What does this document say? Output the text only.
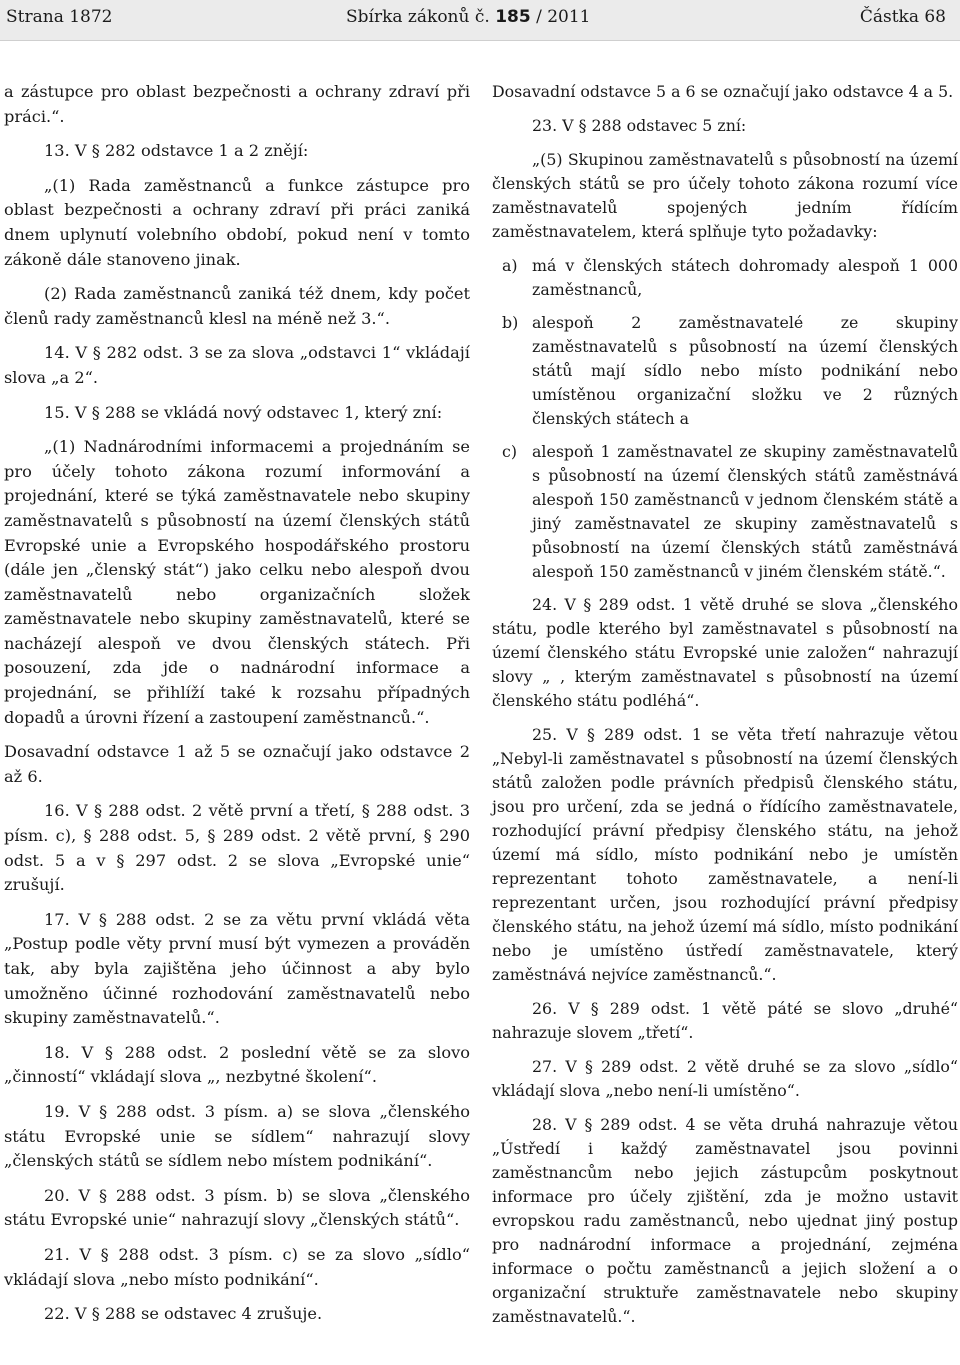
Strana 1872	Sbírka zákonů č. 185 / 2011	Částka 68

a zástupce pro oblast bezpečnosti a ochrany zdraví při práci.“.

13. V § 282 odstavce 1 a 2 znějí:

„(1) Rada zaměstnanců a funkce zástupce pro oblast bezpečnosti a ochrany zdraví při práci zaniká dnem uplynutí volebního období, pokud není v tomto zákoně dále stanoveno jinak.

(2) Rada zaměstnanců zaniká též dnem, kdy počet členů rady zaměstnanců klesl na méně než 3.“.

14. V § 282 odst. 3 se za slova „odstavci 1“ vkládají slova „a 2“.

15. V § 288 se vkládá nový odstavec 1, který zní:

„(1) Nadnárodními informacemi a projednáním se pro účely tohoto zákona rozumí informování a projednání, které se týká zaměstnavatele nebo skupiny zaměstnavatelů s působností na území členských států Evropské unie a Evropského hospodářského prostoru (dále jen „členský stát“) jako celku nebo alespoň dvou zaměstnavatelů nebo organizačních složek zaměstnavatele nebo skupiny zaměstnavatelů, které se nacházejí alespoň ve dvou členských státech. Při posouzení, zda jde o nadnárodní informace a projednání, se přihlíží také k rozsahu případných dopadů a úrovni řízení a zastoupení zaměstnanců.“.

Dosavadní odstavce 1 až 5 se označují jako odstavce 2 až 6.

16. V § 288 odst. 2 větě první a třetí, § 288 odst. 3 písm. c), § 288 odst. 5, § 289 odst. 2 větě první, § 290 odst. 5 a v § 297 odst. 2 se slova „Evropské unie“ zrušují.

17. V § 288 odst. 2 se za větu první vkládá věta „Postup podle věty první musí být vymezen a prováděn tak, aby byla zajištěna jeho účinnost a aby bylo umožněno účinné rozhodování zaměstnavatelů nebo skupiny zaměstnavatelů.“.

18. V § 288 odst. 2 poslední větě se za slovo „činností“ vkládají slova „, nezbytné školení“.

19. V § 288 odst. 3 písm. a) se slova „členského státu Evropské unie se sídlem“ nahrazují slovy „členských států se sídlem nebo místem podnikání“.

20. V § 288 odst. 3 písm. b) se slova „členského státu Evropské unie“ nahrazují slovy „členských států“.

21. V § 288 odst. 3 písm. c) se za slovo „sídlo“ vkládají slova „nebo místo podnikání“.

22. V § 288 se odstavec 4 zrušuje.

Dosavadní odstavce 5 a 6 se označují jako odstavce 4 a 5.

23. V § 288 odstavec 5 zní:

„(5) Skupinou zaměstnavatelů s působností na území členských států se pro účely tohoto zákona rozumí více zaměstnavatelů spojených jedním řídícím zaměstnavatelem, která splňuje tyto požadavky:

a) má v členských státech dohromady alespoň 1 000 zaměstnanců,
b) alespoň 2 zaměstnavatelé ze skupiny zaměstnavatelů s působností na území členských států mají sídlo nebo místo podnikání nebo umístěnou organizační složku ve 2 různých členských státech a
c) alespoň 1 zaměstnavatel ze skupiny zaměstnavatelů s působností na území členských států zaměstnává alespoň 150 zaměstnanců v jednom členském státě a jiný zaměstnavatel ze skupiny zaměstnavatelů s působností na území členských států zaměstnává alespoň 150 zaměstnanců v jiném členském státě.“.

24. V § 289 odst. 1 větě druhé se slova „členského státu, podle kterého byl zaměstnavatel s působností na území členského státu Evropské unie založen“ nahrazují slovy „ , kterým zaměstnavatel s působností na území členského státu podléhá“.

25. V § 289 odst. 1 se věta třetí nahrazuje větou „Nebyl-li zaměstnavatel s působností na území členských států založen podle právních předpisů členského státu, jsou pro určení, zda se jedná o řídícího zaměstnavatele, rozhodující právní předpisy členského státu, na jehož území má sídlo, místo podnikání nebo je umístěn reprezentant tohoto zaměstnavatele, a není-li reprezentant určen, jsou rozhodující právní předpisy členského státu, na jehož území má sídlo, místo podnikání nebo je umístěno ústředí zaměstnavatele, který zaměstnává nejvíce zaměstnanců.“.

26. V § 289 odst. 1 větě páté se slovo „druhé“ nahrazuje slovem „třetí“.

27. V § 289 odst. 2 větě druhé se za slovo „sídlo“ vkládají slova „nebo není-li umístěno“.

28. V § 289 odst. 4 se věta druhá nahrazuje větou „Ústředí i každý zaměstnavatel jsou povinni zaměstnancům nebo jejich zástupcům poskytnout informace pro účely zjištění, zda je možno ustavit evropskou radu zaměstnanců, nebo ujednat jiný postup pro nadnárodní informace a projednání, zejména informace o počtu zaměstnanců a jejich složení a o organizační struktuře zaměstnavatele nebo skupiny zaměstnavatelů.“.
